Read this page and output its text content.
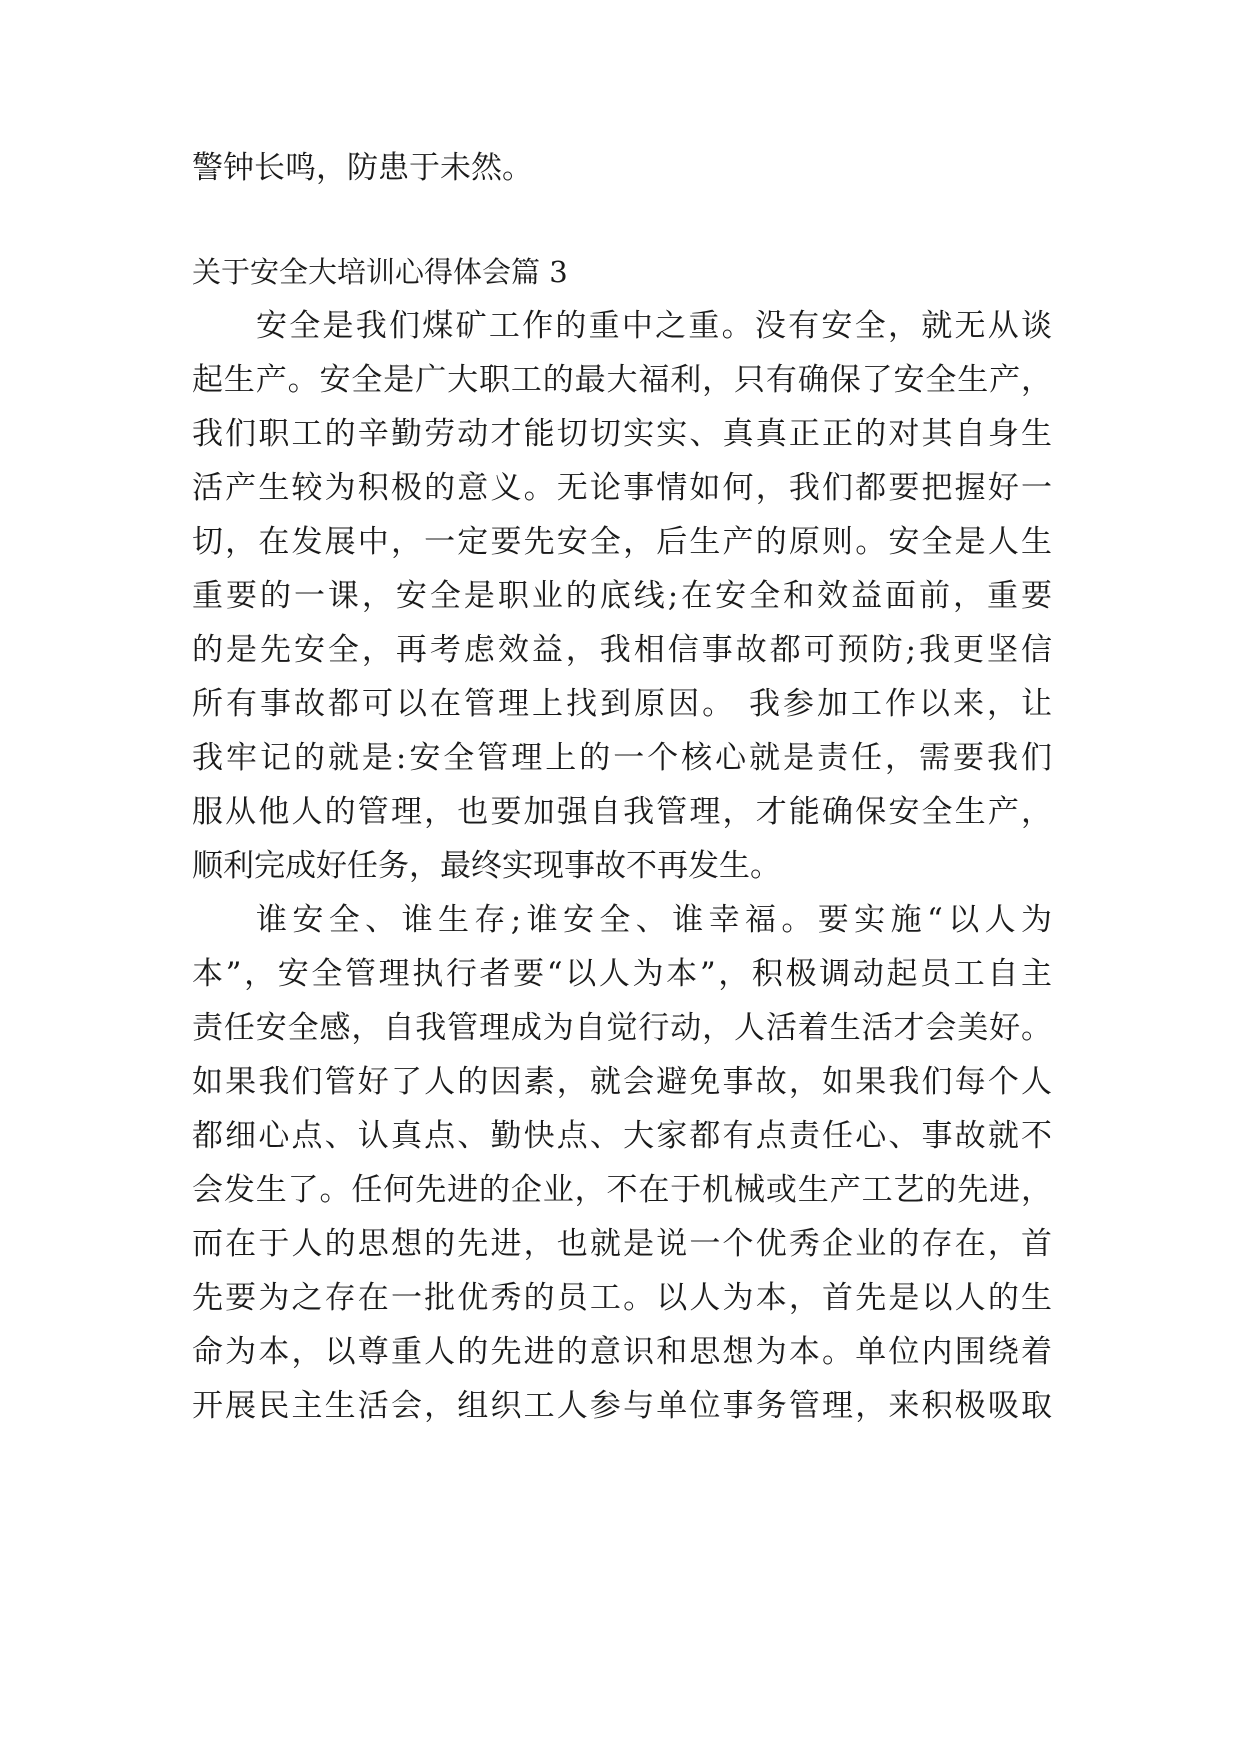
警钟长鸣，防患于未然。
关于安全大培训心得体会篇 3
安全是我们煤矿工作的重中之重。没有安全，就无从谈
起生产。安全是广大职工的最大福利，只有确保了安全生产，
我们职工的辛勤劳动才能切切实实、真真正正的对其自身生
活产生较为积极的意义。无论事情如何，我们都要把握好一
切，在发展中，一定要先安全，后生产的原则。安全是人生
重要的一课，安全是职业的底线;在安全和效益面前，重要
的是先安全，再考虑效益，我相信事故都可预防;我更坚信
所有事故都可以在管理上找到原因。 我参加工作以来，让
我牢记的就是:安全管理上的一个核心就是责任，需要我们
服从他人的管理，也要加强自我管理，才能确保安全生产，
顺利完成好任务，最终实现事故不再发生。
谁安全、谁生存;谁安全、谁幸福。要实施“以人为
本”，安全管理执行者要“以人为本”，积极调动起员工自主
责任安全感，自我管理成为自觉行动，人活着生活才会美好。
如果我们管好了人的因素，就会避免事故，如果我们每个人
都细心点、认真点、勤快点、大家都有点责任心、事故就不
会发生了。任何先进的企业，不在于机械或生产工艺的先进，
而在于人的思想的先进，也就是说一个优秀企业的存在，首
先要为之存在一批优秀的员工。以人为本，首先是以人的生
命为本，以尊重人的先进的意识和思想为本。单位内围绕着
开展民主生活会，组织工人参与单位事务管理，来积极吸取
